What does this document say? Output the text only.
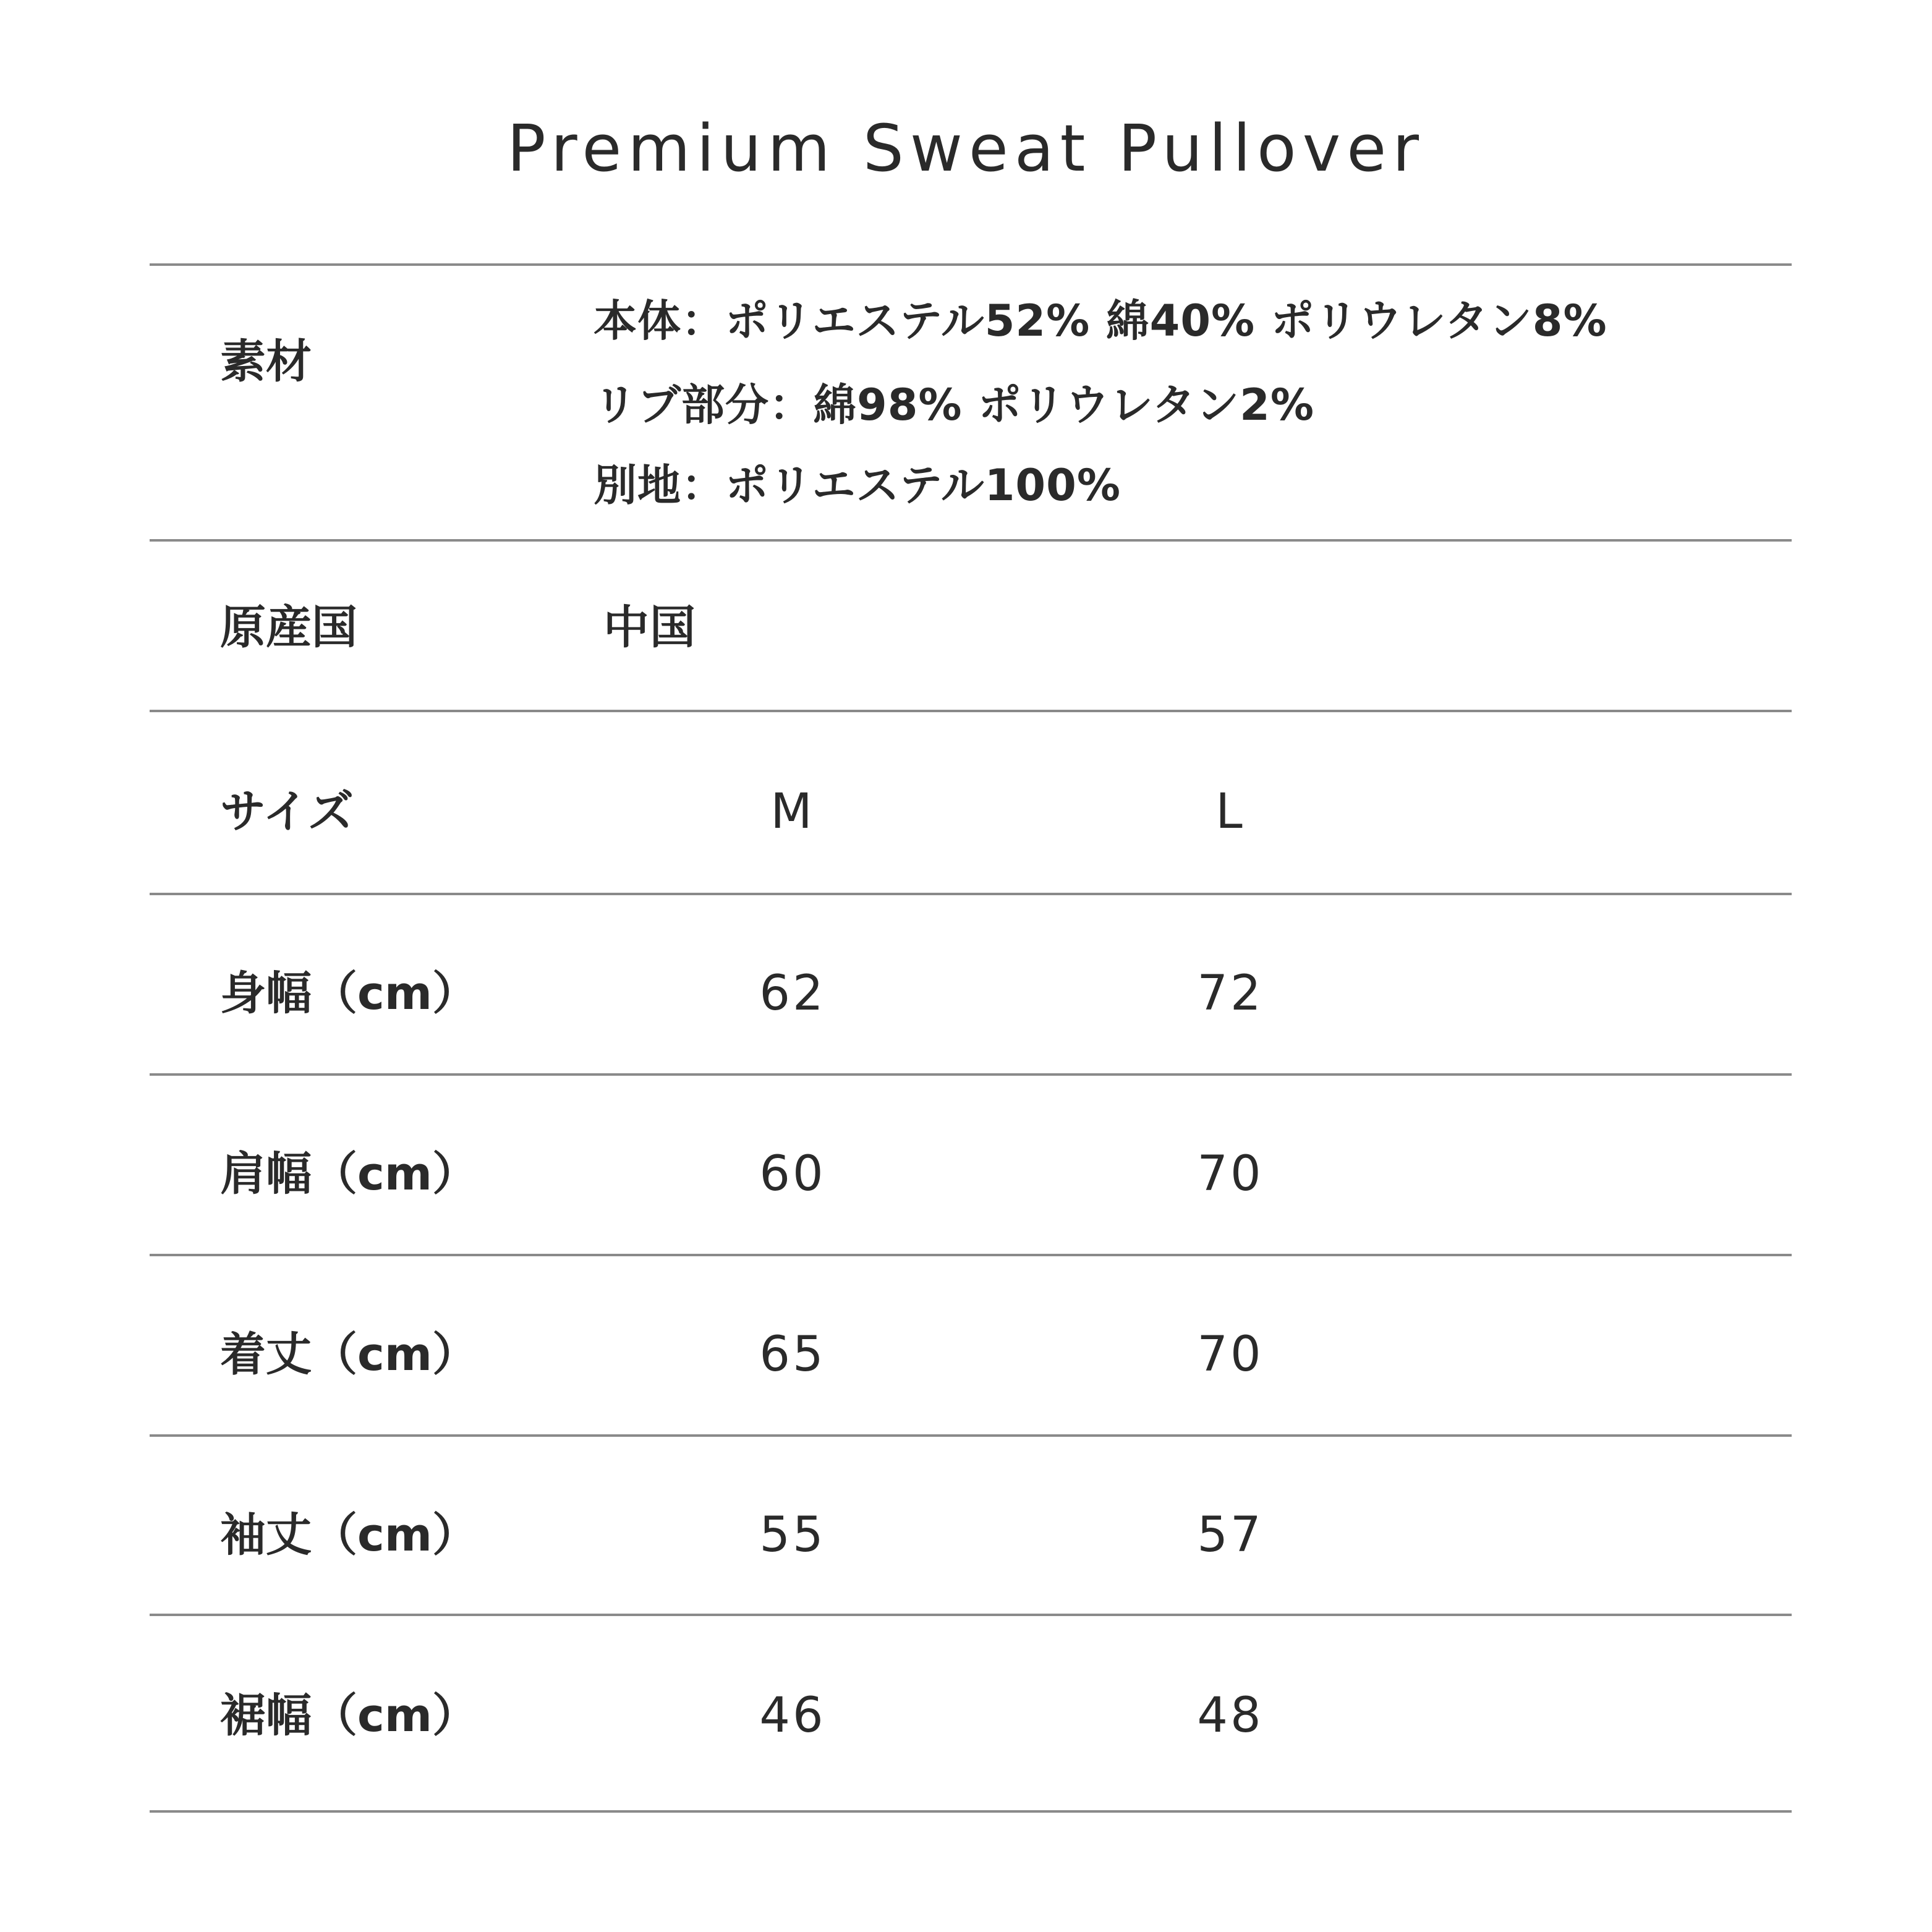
Premium Sweat Pullover
素材
本体：ポリエステル52% 綿40% ポリウレタン8%
リブ部分：綿98% ポリウレタン2%
別地：ポリエステル100%
原産国	中国
サイズ	M	L
身幅（cm）	62	72
肩幅（cm）	60	70
着丈（cm）	65	70
袖丈（cm）	55	57
裾幅（cm）	46	48
